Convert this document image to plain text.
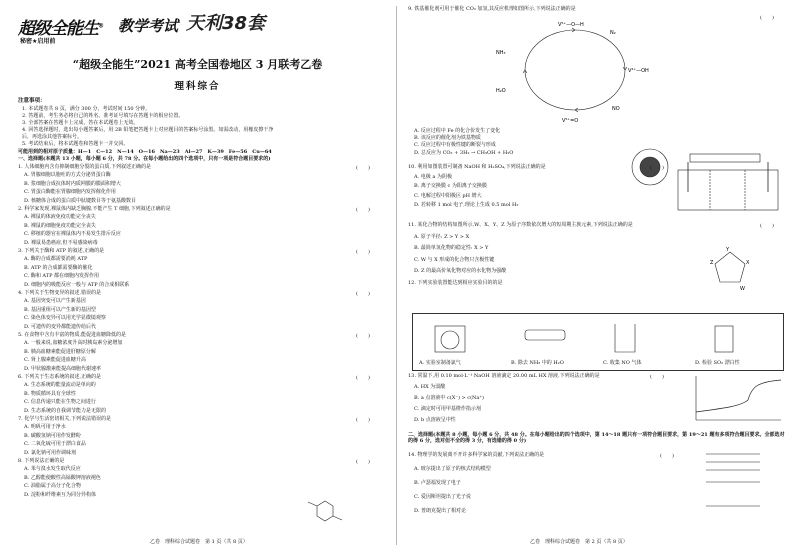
超级全能生® 教学考试 天利38套
秘密★启用前
“超级全能生”2021 高考全国卷地区 3 月联考乙卷
理科综合
注意事项：
1. 本试题卷共 8 页，满分 300 分，考试时间 150 分钟。
2. 答题前，考生务必将自己的姓名、准考证号填写在答题卡的相应位置。
3. 全部答案在答题卡上完成，答在本试题卷上无效。
4. 回答选择题时，选出每小题答案后，用 2B 铅笔把答题卡上对应题目的答案标号涂黑。如需改动，用橡皮擦干净
后，再选涂其他答案标号。
5. 考试结束后，将本试题卷和答题卡一并交回。
可能用到的相对原子质量：H—1　C—12　N—14　O—16　Na—23　Al—27　K—39　Fe—56　Cu—64
一、选择题(本题共 13 小题，每小题 6 分，共 78 分。在每小题给出的四个选项中，只有一项是符合题目要求的)
1. 人体细胞内含有抑制细胞分裂的蛋白质,下列叙述正确的是	(　　)
A. 胃腺细胞以胞吐的方式分泌胃蛋白酶
B. 浆细胞合成抗体时内质网膜的膜面积增大
C. 胃蛋白酶能在胃腺细胞内发挥催化作用
D. 核糖体合成的蛋白质中肽键数目等于氨基酸数目
2. 科学家发现,裸鼠体内缺乏胸腺,不能产生 T 细胞,下列叙述正确的是	(　　)
A. 裸鼠的体液免疫功能完全丧失
B. 裸鼠的细胞免疫功能完全丧失
C. 移植的器官在裸鼠体内不易发生排斥反应
D. 裸鼠易患癌症,但不易感染病毒
3. 下列关于酶和 ATP 的叙述,正确的是	(　　)
A. 酶的合成都需要消耗 ATP
B. ATP 的合成都需要酶的催化
C. 酶和 ATP 都在细胞内发挥作用
D. 细胞内的吸能反应一般与 ATP 的合成相联系
4. 下列关于生物变异的叙述,错误的是	(　　)
A. 基因突变可以产生新基因
B. 基因重组可以产生新的基因型
C. 染色体变异可以用光学显微镜观察
D. 可遗传的变异都能遗传给后代
5. 在食物中含有丰富的物质,能促进血糖降低的是	(　　)
A. 一般来说,血糖浓度升高时胰岛素分泌增加
B. 胰高血糖素能促进肝糖原分解
C. 肾上腺素能促进血糖升高
D. 甲状腺激素能提高细胞代谢速率
6. 下列关于生态系统的叙述,正确的是	(　　)
A. 生态系统的能量流动是单向的
B. 物质循环具有全球性
C. 信息传递只能在生物之间进行
D. 生态系统的自我调节能力是无限的
7. 化学与生活密切相关,下列说法错误的是	(　　)
A. 明矾可用于净水
B. 碳酸氢钠可用作发酵粉
C. 二氧化硫可用于漂白食品
D. 氯化钠可用作调味剂
8. 下列说法正确的是	(　　)
A. 苯与溴水发生取代反应
B. 乙醇能使酸性高锰酸钾溶液褪色
C. 油脂属于高分子化合物
D. 淀粉和纤维素互为同分异构体
乙卷　理科综合试题卷　第 1 页（共 8 页）
9. 铁基催化剂可用于催化 CO₂ 加氢,其反应机理如图所示,下列说法正确的是
V⁵⁺—O—H
V⁴⁺—OH
V⁵⁺=O
NH₃
H₂O
N₂
NO
A. 反应过程中 Fe 的化合价发生了变化
B. 该反应的催化剂为铁基物质
C. 反应过程中有极性键的断裂与形成
D. 总反应为 CO₂ + 3H₂ → CH₃OH + H₂O
(　　)
10. 利用如图装置可制备 NaOH 和 H₂SO₄,下列说法正确的是
A. 电极 a 为阴极
B. 离子交换膜 c 为阳离子交换膜
C. 电解过程中阳极区 pH 增大
D. 若转移 1 mol 电子,理论上生成 0.5 mol H₂
(　　)
Y
X
Z
W
11. 某化合物的结构如图所示,W、X、Y、Z 为原子序数依次增大的短周期主族元素,下列说法正确的是
A. 原子半径: Z > Y > X
B. 最简单氢化物的稳定性: X > Y
C. W 与 X 形成的化合物只含极性键
D. Z 的最高价氧化物对应的水化物为强酸
12. 下列实验装置能达到相应实验目的的是
(　　)
A. 实验室制备氯气	B. 除去 NH₃ 中的 H₂O	C. 收集 NO 气体	D. 检验 SO₂ 漂白性
13. 常温下,用 0.10 mol·L⁻¹ NaOH 溶液滴定 20.00 mL HX 溶液,下列说法正确的是
A. HX 为弱酸
B. a 点溶液中 c(X⁻) > c(Na⁺)
C. 滴定时可用甲基橙作指示剂
D. b 点溶液呈中性
(　　)
二、选择题(本题共 8 小题，每小题 6 分，共 48 分。在每小题给出的四个选项中，第 14～18 题只有一项符合题目要求，第 19～21 题有多项符合题目要求。全部选对的得 6 分，选对但不全的得 3 分，有选错的得 0 分)
14. 物理学的发展离不开许多科学家的贡献,下列说法正确的是
A. 玻尔提出了原子的核式结构模型
B. 卢瑟福发现了电子
C. 爱因斯坦提出了光子说
D. 普朗克提出了相对论
(　　)
乙卷　理科综合试题卷　第 2 页（共 8 页）
